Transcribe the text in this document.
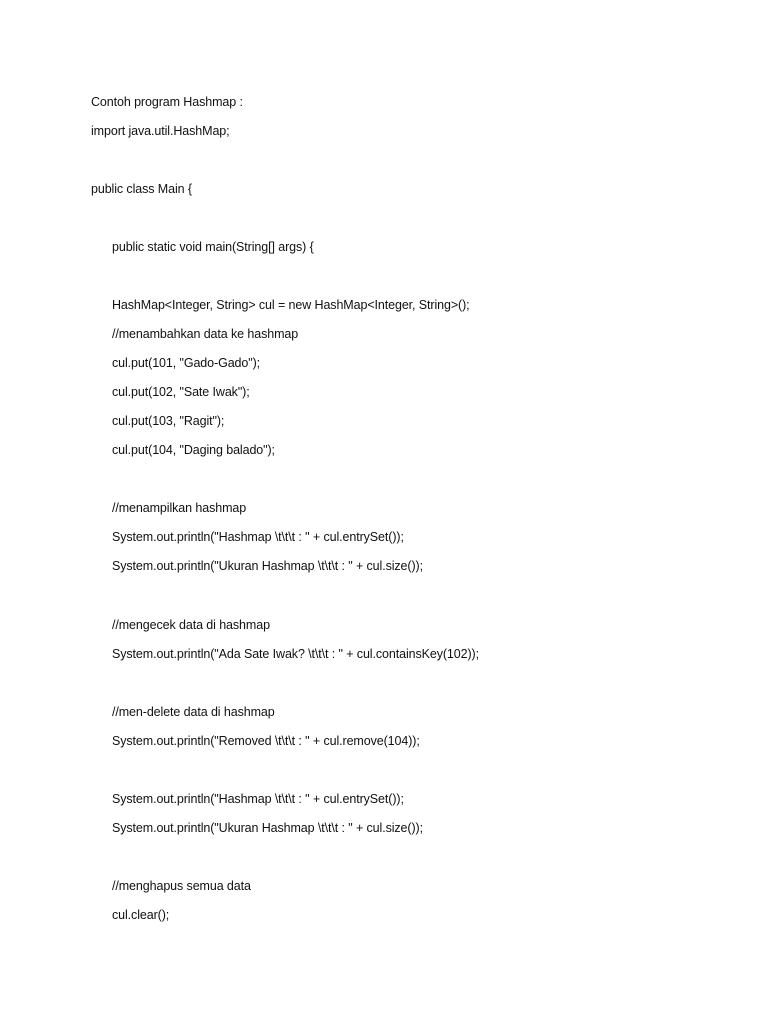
Contoh program Hashmap :
import java.util.HashMap;
public class Main {
public static void main(String[] args) {
HashMap<Integer, String> cul = new HashMap<Integer, String>();
//menambahkan data ke hashmap
cul.put(101, "Gado-Gado");
cul.put(102, "Sate Iwak");
cul.put(103, "Ragit");
cul.put(104, "Daging balado");
//menampilkan hashmap
System.out.println("Hashmap \t\t\t : " + cul.entrySet());
System.out.println("Ukuran Hashmap \t\t\t : " + cul.size());
//mengecek data di hashmap
System.out.println("Ada Sate Iwak? \t\t\t : " + cul.containsKey(102));
//men-delete data di hashmap
System.out.println("Removed \t\t\t : " + cul.remove(104));
System.out.println("Hashmap \t\t\t : " + cul.entrySet());
System.out.println("Ukuran Hashmap \t\t\t : " + cul.size());
//menghapus semua data
cul.clear();
